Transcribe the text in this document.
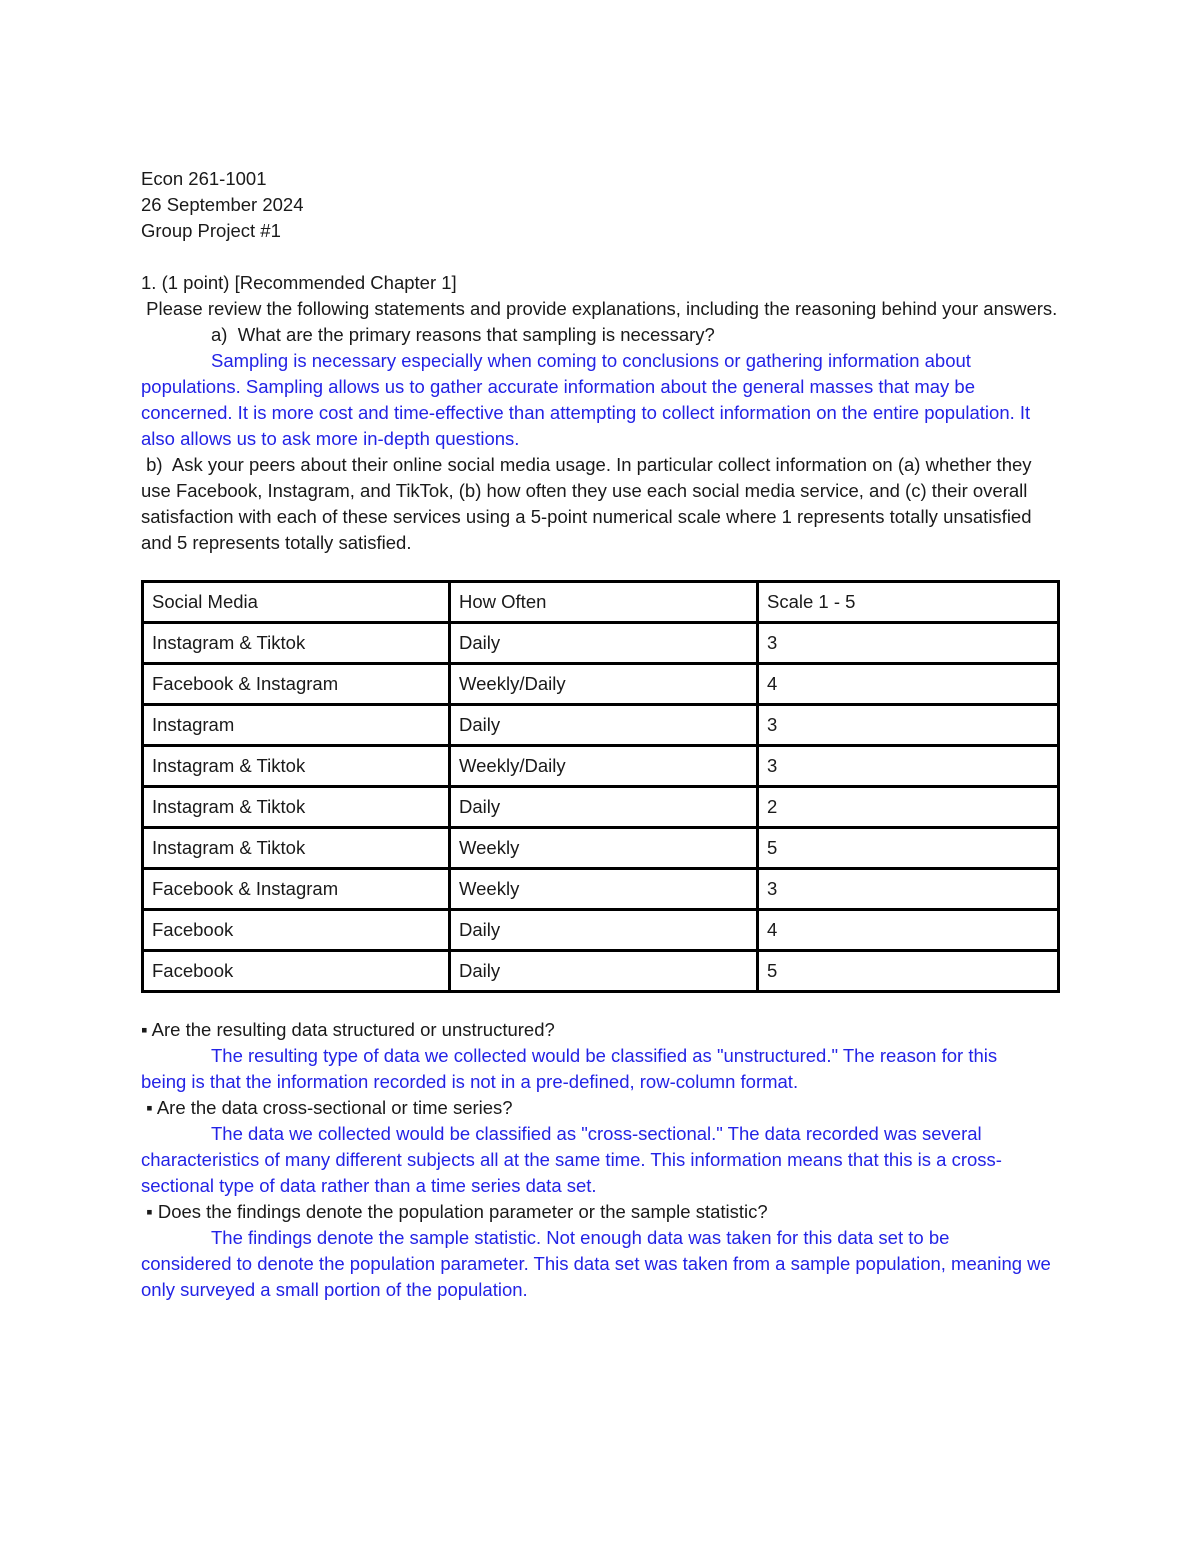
Econ 261-1001
26 September 2024
Group Project #1
1. (1 point) [Recommended Chapter 1]
Please review the following statements and provide explanations, including the reasoning behind your answers.
a)  What are the primary reasons that sampling is necessary?
Sampling is necessary especially when coming to conclusions or gathering information about
populations. Sampling allows us to gather accurate information about the general masses that may be concerned. It is more cost and time-effective than attempting to collect information on the entire population. It also allows us to ask more in-depth questions.
b)  Ask your peers about their online social media usage. In particular collect information on (a) whether they use Facebook, Instagram, and TikTok, (b) how often they use each social media service, and (c) their overall satisfaction with each of these services using a 5-point numerical scale where 1 represents totally unsatisfied and 5 represents totally satisfied.
Social Media	How Often	Scale 1 - 5
Instagram & Tiktok	Daily	3
Facebook & Instagram	Weekly/Daily	4
Instagram	Daily	3
Instagram & Tiktok	Weekly/Daily	3
Instagram & Tiktok	Daily	2
Instagram & Tiktok	Weekly	5
Facebook & Instagram	Weekly	3
Facebook	Daily	4
Facebook	Daily	5
▪ Are the resulting data structured or unstructured?
The resulting type of data we collected would be classified as "unstructured." The reason for this
being is that the information recorded is not in a pre-defined, row-column format.
▪ Are the data cross-sectional or time series?
The data we collected would be classified as "cross-sectional." The data recorded was several
characteristics of many different subjects all at the same time. This information means that this is a cross-sectional type of data rather than a time series data set.
▪ Does the findings denote the population parameter or the sample statistic?
The findings denote the sample statistic. Not enough data was taken for this data set to be
considered to denote the population parameter. This data set was taken from a sample population, meaning we only surveyed a small portion of the population.
